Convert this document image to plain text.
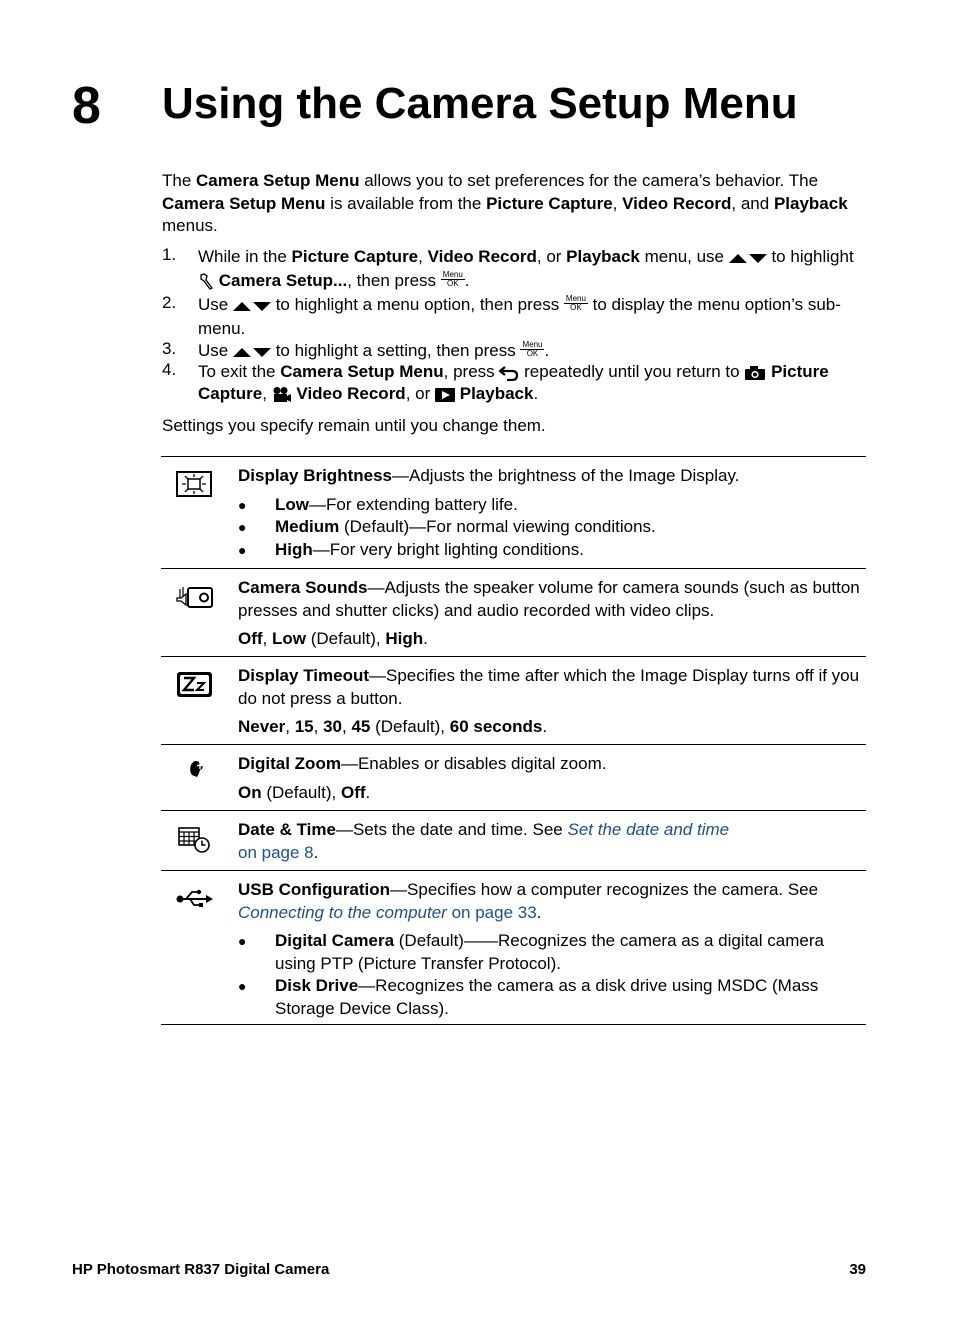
8 Using the Camera Setup Menu

The Camera Setup Menu allows you to set preferences for the camera’s behavior. The Camera Setup Menu is available from the Picture Capture, Video Record, and Playback menus.

1. While in the Picture Capture, Video Record, or Playback menu, use  to highlight  Camera Setup..., then press Menu
OK .
2. Use  to highlight a menu option, then press Menu
OK to display the menu option’s sub-menu.
3. Use  to highlight a setting, then press Menu
OK .
4. To exit the Camera Setup Menu, press  repeatedly until you return to  Picture Capture,  Video Record, or  Playback.

Settings you specify remain until you change them.

Display Brightness—Adjusts the brightness of the Image Display.

● Low—For extending battery life.
● Medium (Default)—For normal viewing conditions.
● High—For very bright lighting conditions.

Camera Sounds—Adjusts the speaker volume for camera sounds (such as button presses and shutter clicks) and audio recorded with video clips.

Off, Low (Default), High.

Display Timeout—Specifies the time after which the Image Display turns off if you do not press a button.

Never, 15, 30, 45 (Default), 60 seconds.

Digital Zoom—Enables or disables digital zoom.

On (Default), Off.

Date & Time—Sets the date and time. See Set the date and time
on page 8.

USB Configuration—Specifies how a computer recognizes the camera. See Connecting to the computer on page 33.

● Digital Camera (Default)——Recognizes the camera as a digital camera using PTP (Picture Transfer Protocol).
● Disk Drive—Recognizes the camera as a disk drive using MSDC (Mass Storage Device Class).
HP Photosmart R837 Digital Camera	39
